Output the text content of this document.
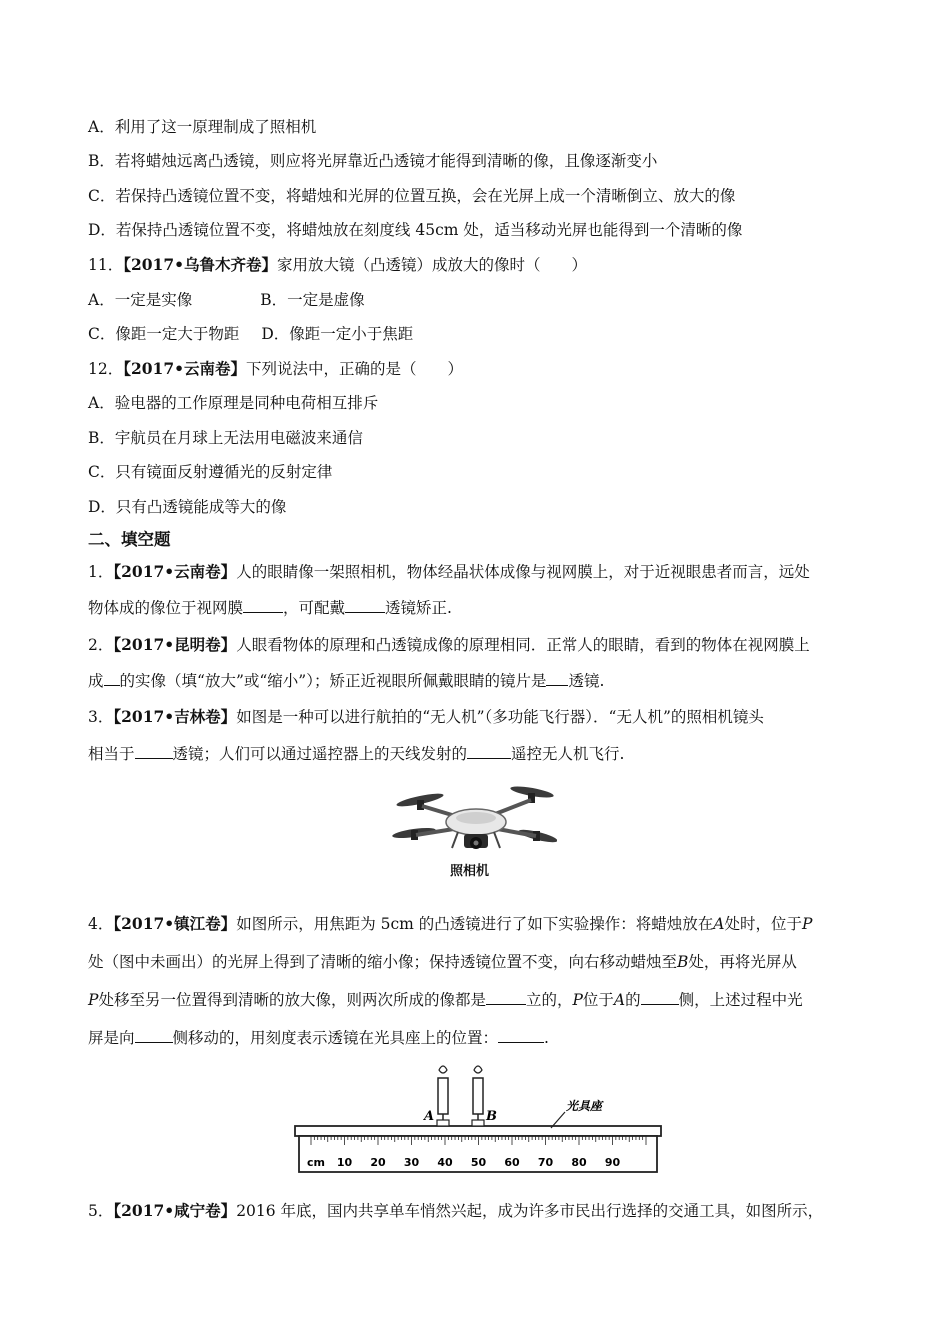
A．利用了这一原理制成了照相机
B．若将蜡烛远离凸透镜，则应将光屏靠近凸透镜才能得到清晰的像，且像逐渐变小
C．若保持凸透镜位置不变，将蜡烛和光屏的位置互换，会在光屏上成一个清晰倒立、放大的像
D．若保持凸透镜位置不变，将蜡烛放在刻度线 45cm 处，适当移动光屏也能得到一个清晰的像
11．【2017•乌鲁木齐卷】家用放大镜（凸透镜）成放大的像时（　　）
A．一定是实像	B．一定是虚像
C．像距一定大于物距 D．像距一定小于焦距
12．【2017•云南卷】下列说法中，正确的是（　　）
A．验电器的工作原理是同种电荷相互排斥
B．宇航员在月球上无法用电磁波来通信
C．只有镜面反射遵循光的反射定律
D．只有凸透镜能成等大的像
二、填空题
1．【2017•云南卷】人的眼睛像一架照相机，物体经晶状体成像与视网膜上，对于近视眼患者而言，远处
物体成的像位于视网膜	，可配戴	透镜矫正.
2．【2017•昆明卷】人眼看物体的原理和凸透镜成像的原理相同．正常人的眼睛，看到的物体在视网膜上
成 的实像（填“放大”或“缩小”）；矫正近视眼所佩戴眼睛的镜片是 透镜.
3．【2017•吉林卷】如图是一种可以进行航拍的“无人机”（多功能飞行器）．“无人机”的照相机镜头
相当于 透镜；人们可以通过遥控器上的天线发射的	遥控无人机飞行.
照相机
4．【2017•镇江卷】如图所示，用焦距为 5cm 的凸透镜进行了如下实验操作：将蜡烛放在A处时，位于P
处（图中未画出）的光屏上得到了清晰的缩小像；保持透镜位置不变，向右移动蜡烛至B处，再将光屏从
P处移至另一位置得到清晰的放大像，则两次所成的像都是	立的，P位于A的 侧，上述过程中光
屏是向 侧移动的，用刻度表示透镜在光具座上的位置：	.
A	B
光具座
cm 10 20 30 40 50 60 70 80 90
5．【2017•咸宁卷】2016 年底，国内共享单车悄然兴起，成为许多市民出行选择的交通工具，如图所示，
